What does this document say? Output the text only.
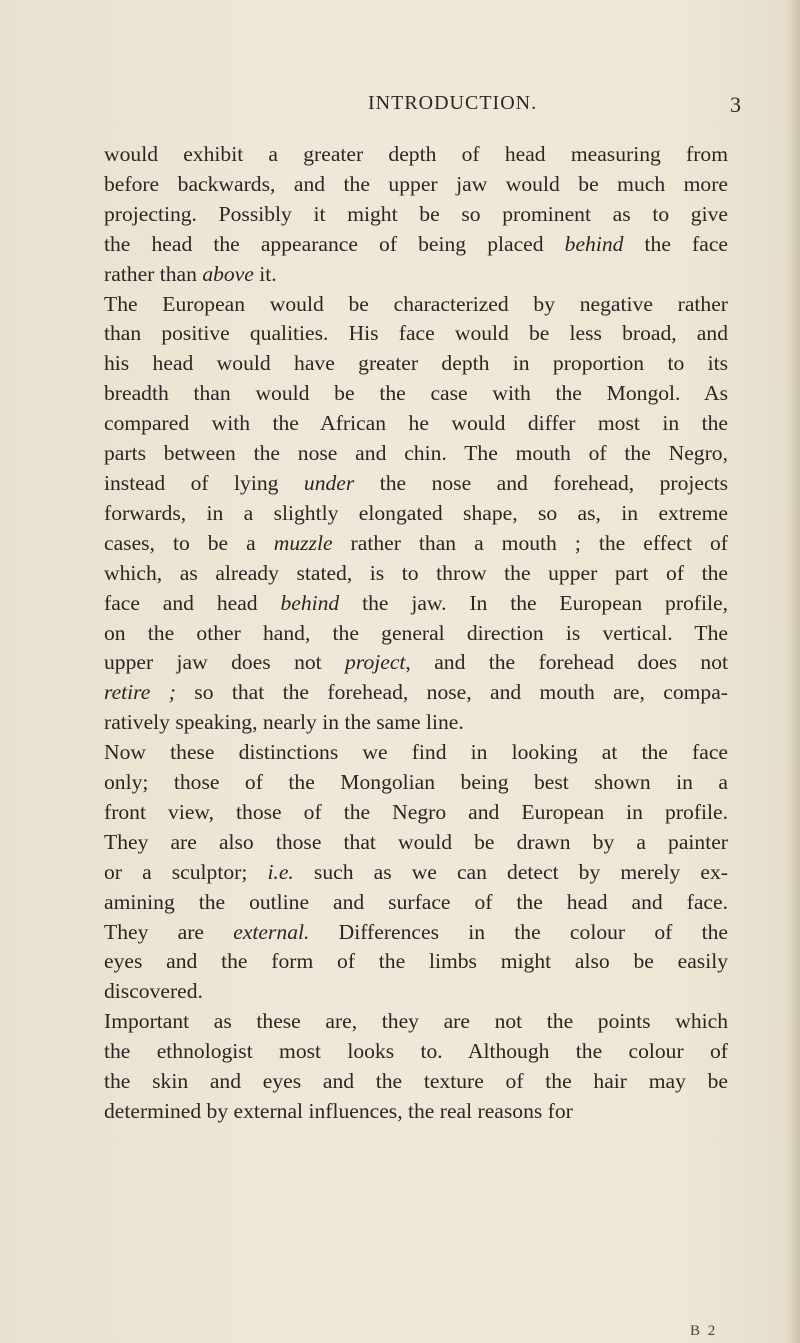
INTRODUCTION.	3

would exhibit a greater depth of head measuring from
before backwards, and the upper jaw would be much more
projecting. Possibly it might be so prominent as to give
the head the appearance of being placed behind the face
rather than above it.

The European would be characterized by negative rather
than positive qualities. His face would be less broad, and
his head would have greater depth in proportion to its
breadth than would be the case with the Mongol. As
compared with the African he would differ most in the
parts between the nose and chin. The mouth of the Negro,
instead of lying under the nose and forehead, projects
forwards, in a slightly elongated shape, so as, in extreme
cases, to be a muzzle rather than a mouth ; the effect of
which, as already stated, is to throw the upper part of the
face and head behind the jaw. In the European profile,
on the other hand, the general direction is vertical. The
upper jaw does not project, and the forehead does not
retire ; so that the forehead, nose, and mouth are, compa-
ratively speaking, nearly in the same line.

Now these distinctions we find in looking at the face
only; those of the Mongolian being best shown in a
front view, those of the Negro and European in profile.
They are also those that would be drawn by a painter
or a sculptor; i.e. such as we can detect by merely ex-
amining the outline and surface of the head and face.
They are external. Differences in the colour of the
eyes and the form of the limbs might also be easily
discovered.

Important as these are, they are not the points which
the ethnologist most looks to. Although the colour of
the skin and eyes and the texture of the hair may be
determined by external influences, the real reasons for

B 2
